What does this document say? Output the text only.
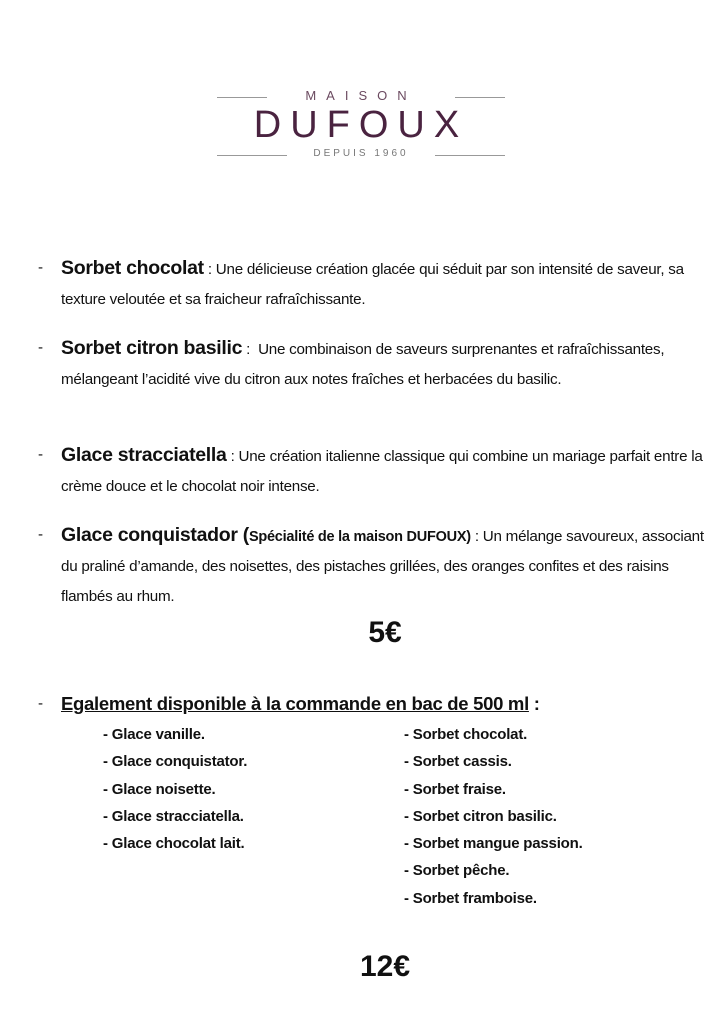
MAISON
DUFOUX
DEPUIS 1960
- Sorbet chocolat : Une délicieuse création glacée qui séduit par son intensité de saveur, sa texture veloutée et sa fraicheur rafraîchissante.
- Sorbet citron basilic :  Une combinaison de saveurs surprenantes et rafraîchissantes, mélangeant l’acidité vive du citron aux notes fraîches et herbacées du basilic.
- Glace stracciatella : Une création italienne classique qui combine un mariage parfait entre la crème douce et le chocolat noir intense.
- Glace conquistador (Spécialité de la maison DUFOUX) : Un mélange savoureux, associant du praliné d’amande, des noisettes, des pistaches grillées, des oranges confites et des raisins flambés au rhum.
5€
- Egalement disponible à la commande en bac de 500 ml :
- Glace vanille.
- Glace conquistator.
- Glace noisette.
- Glace stracciatella.
- Glace chocolat lait.
- Sorbet chocolat.
- Sorbet cassis.
- Sorbet fraise.
- Sorbet citron basilic.
- Sorbet mangue passion.
- Sorbet pêche.
- Sorbet framboise.
12€
